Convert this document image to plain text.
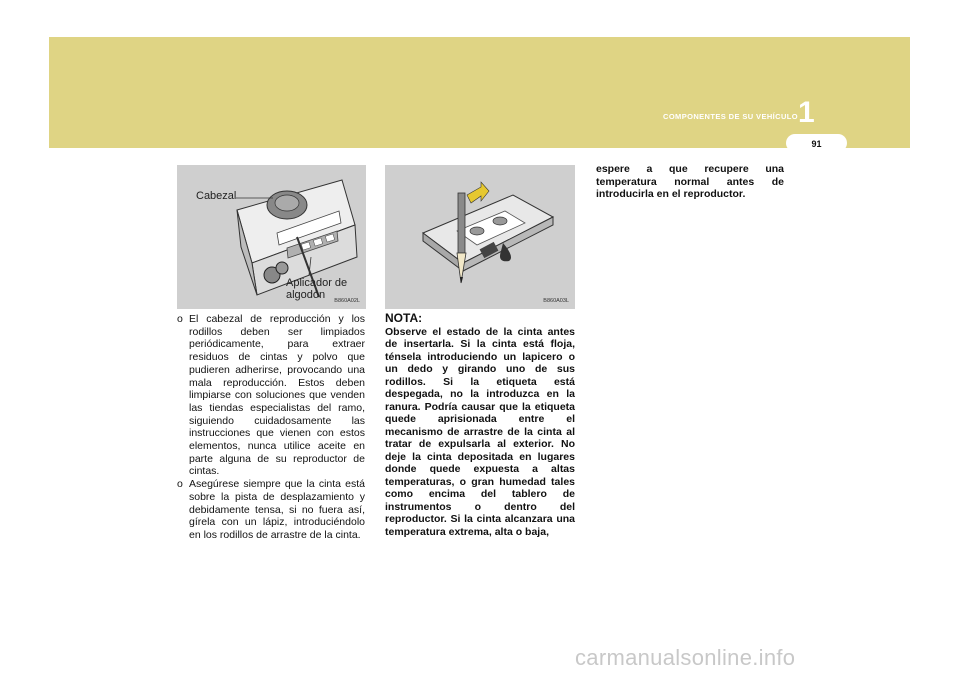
COMPONENTES DE SU VEHÍCULO 1
91
Cabezal
Aplicador de algodón	B860A02L	B860A03L

o El cabezal de reproducción y los rodillos deben ser limpiados periódicamente, para extraer residuos de cintas y polvo que pudieren adherirse, provocando una mala reproducción. Estos deben limpiarse con soluciones que venden las tiendas especialistas del ramo, siguiendo cuidadosamente las instrucciones que vienen con estos elementos, nunca utilice aceite en parte alguna de su reproductor de cintas.

o Asegúrese siempre que la cinta está sobre la pista de desplazamiento y debidamente tensa, si no fuera así, gírela con un lápiz, introduciéndolo en los rodillos de arrastre de la cinta.

NOTA:
Observe el estado de la cinta antes de insertarla. Si la cinta está floja, ténsela introduciendo un lapicero o un dedo y girando uno de sus rodillos. Si la etiqueta está despegada, no la introduzca en la ranura. Podría causar que la etiqueta quede aprisionada entre el mecanismo de arrastre de la cinta al tratar de expulsarla al exterior. No deje la cinta depositada en lugares donde quede expuesta a altas temperaturas, o gran humedad tales como encima del tablero de instrumentos o dentro del reproductor. Si la cinta alcanzara una temperatura extrema, alta o baja,
espere a que recupere una temperatura normal antes de introducirla en el reproductor.
carmanualsonline.info
